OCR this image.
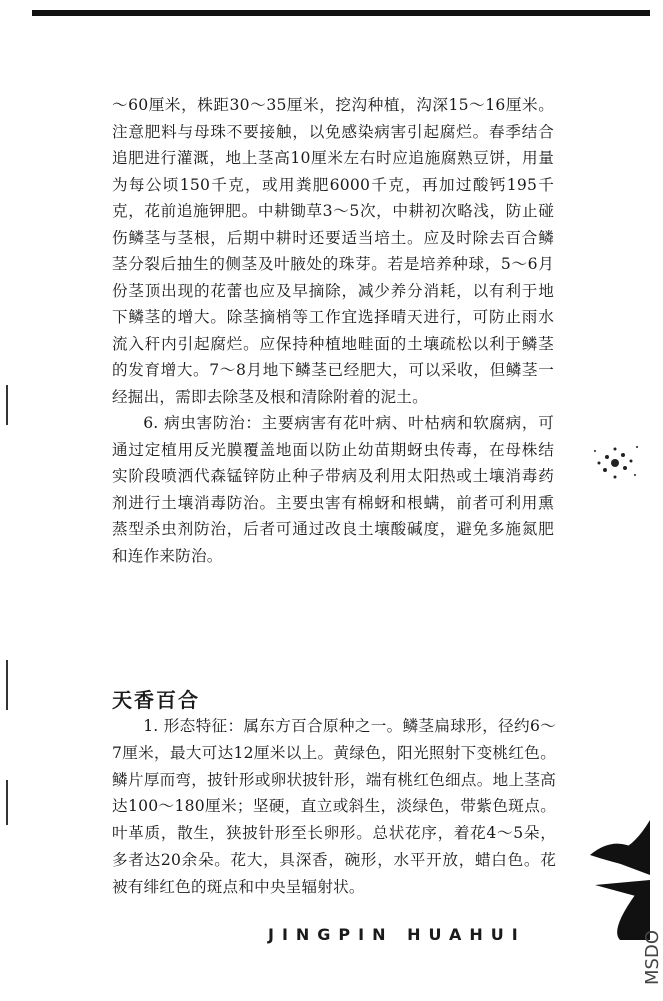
～60厘米，株距30～35厘米，挖沟种植，沟深15～16厘米。注意肥料与母珠不要接触，以免感染病害引起腐烂。春季结合追肥进行灌溉，地上茎高10厘米左右时应追施腐熟豆饼，用量为每公顷150千克，或用粪肥6000千克，再加过酸钙195千克，花前追施钾肥。中耕锄草3～5次，中耕初次略浅，防止碰伤鳞茎与茎根，后期中耕时还要适当培土。应及时除去百合鳞茎分裂后抽生的侧茎及叶腋处的珠芽。若是培养种球，5～6月份茎顶出现的花蕾也应及早摘除，减少养分消耗，以有利于地下鳞茎的增大。除茎摘梢等工作宜选择晴天进行，可防止雨水流入秆内引起腐烂。应保持种植地畦面的土壤疏松以利于鳞茎的发育增大。7～8月地下鳞茎已经肥大，可以采收，但鳞茎一经掘出，需即去除茎及根和清除附着的泥土。

6. 病虫害防治：主要病害有花叶病、叶枯病和软腐病，可通过定植用反光膜覆盖地面以防止幼苗期蚜虫传毒，在母株结实阶段喷洒代森锰锌防止种子带病及利用太阳热或土壤消毒药剂进行土壤消毒防治。主要虫害有棉蚜和根螨，前者可利用熏蒸型杀虫剂防治，后者可通过改良土壤酸碱度，避免多施氮肥和连作来防治。

天香百合

1. 形态特征：属东方百合原种之一。鳞茎扁球形，径约6～7厘米，最大可达12厘米以上。黄绿色，阳光照射下变桃红色。鳞片厚而弯，披针形或卵状披针形，端有桃红色细点。地上茎高达100～180厘米；坚硬，直立或斜生，淡绿色，带紫色斑点。叶革质，散生，狭披针形至长卵形。总状花序，着花4～5朵，多者达20余朵。花大，具深香，碗形，水平开放，蜡白色。花被有绯红色的斑点和中央呈辐射状。

JINGPIN HUAHUI	MSDO
